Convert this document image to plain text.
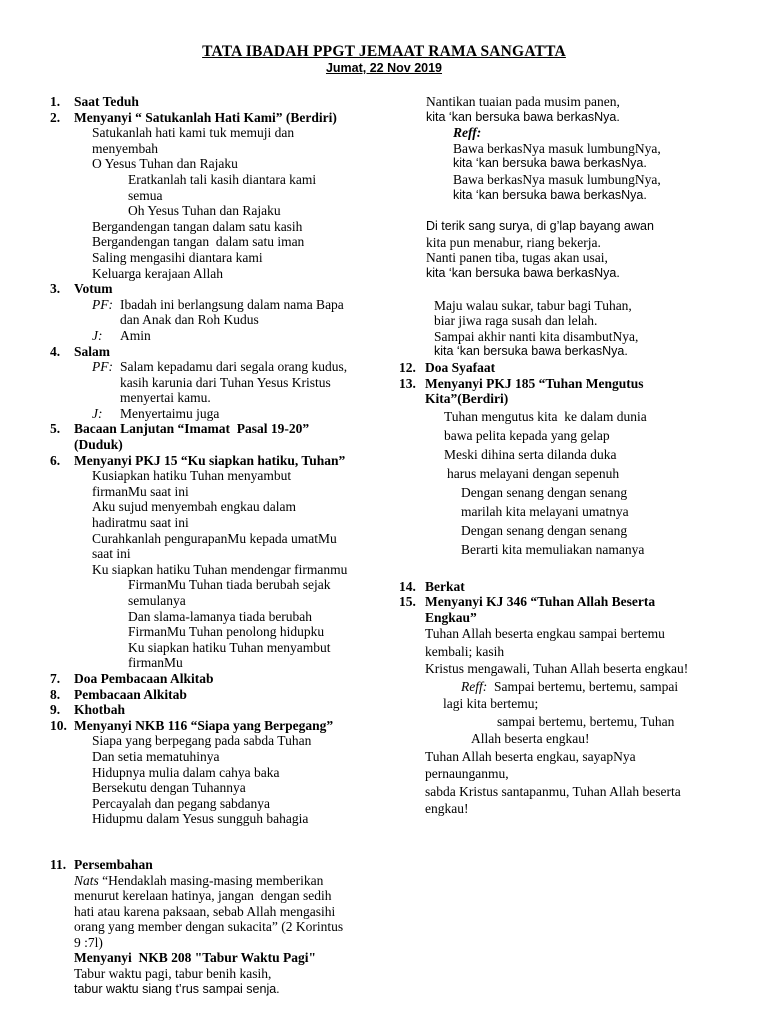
TATA IBADAH PPGT JEMAAT RAMA SANGATTA
Jumat, 22 Nov 2019
1. Saat Teduh
2. Menyanyi “ Satukanlah Hati Kami” (Berdiri)
Satukanlah hati kami tuk memuji dan
menyembah
O Yesus Tuhan dan Rajaku
Eratkanlah tali kasih diantara kami
semua
Oh Yesus Tuhan dan Rajaku
Bergandengan tangan dalam satu kasih
Bergandengan tangan  dalam satu iman
Saling mengasihi diantara kami
Keluarga kerajaan Allah
3. Votum
PF: Ibadah ini berlangsung dalam nama Bapa
dan Anak dan Roh Kudus
J: Amin
4. Salam
PF: Salam kepadamu dari segala orang kudus,
kasih karunia dari Tuhan Yesus Kristus
menyertai kamu.
J: Menyertaimu juga
5. Bacaan Lanjutan “Imamat  Pasal 19-20”
(Duduk)
6. Menyanyi PKJ 15 “Ku siapkan hatiku, Tuhan”
Kusiapkan hatiku Tuhan menyambut
firmanMu saat ini
Aku sujud menyembah engkau dalam
hadiratmu saat ini
Curahkanlah pengurapanMu kepada umatMu
saat ini
Ku siapkan hatiku Tuhan mendengar firmanmu
FirmanMu Tuhan tiada berubah sejak
semulanya
Dan slama-lamanya tiada berubah
FirmanMu Tuhan penolong hidupku
Ku siapkan hatiku Tuhan menyambut
firmanMu
7. Doa Pembacaan Alkitab
8. Pembacaan Alkitab
9. Khotbah
10. Menyanyi NKB 116 “Siapa yang Berpegang”
Siapa yang berpegang pada sabda Tuhan
Dan setia mematuhinya
Hidupnya mulia dalam cahya baka
Bersekutu dengan Tuhannya
Percayalah dan pegang sabdanya
Hidupmu dalam Yesus sungguh bahagia
11. Persembahan
Nats “Hendaklah masing-masing memberikan
menurut kerelaan hatinya, jangan  dengan sedih
hati atau karena paksaan, sebab Allah mengasihi
orang yang member dengan sukacita” (2 Korintus
9 :7l)
Menyanyi  NKB 208 "Tabur Waktu Pagi"
Tabur waktu pagi, tabur benih kasih,
tabur waktu siang t’rus sampai senja.
Nantikan tuaian pada musim panen,
kita ‘kan bersuka bawa berkasNya.
Reff:
Bawa berkasNya masuk lumbungNya,
kita ‘kan bersuka bawa berkasNya.
Bawa berkasNya masuk lumbungNya,
kita ‘kan bersuka bawa berkasNya.
Di terik sang surya, di g’lap bayang awan
kita pun menabur, riang bekerja.
Nanti panen tiba, tugas akan usai,
kita ‘kan bersuka bawa berkasNya.
Maju walau sukar, tabur bagi Tuhan,
biar jiwa raga susah dan lelah.
Sampai akhir nanti kita disambutNya,
kita ‘kan bersuka bawa berkasNya.
12. Doa Syafaat
13. Menyanyi PKJ 185 “Tuhan Mengutus
Kita”(Berdiri)
Tuhan mengutus kita  ke dalam dunia
bawa pelita kepada yang gelap
Meski dihina serta dilanda duka
harus melayani dengan sepenuh
Dengan senang dengan senang
marilah kita melayani umatnya
Dengan senang dengan senang
Berarti kita memuliakan namanya
14. Berkat
15. Menyanyi KJ 346 “Tuhan Allah Beserta
Engkau”
Tuhan Allah beserta engkau sampai bertemu
kembali; kasih
Kristus mengawali, Tuhan Allah beserta engkau!
Reff: Sampai bertemu, bertemu, sampai
lagi kita bertemu;
sampai bertemu, bertemu, Tuhan
Allah beserta engkau!
Tuhan Allah beserta engkau, sayapNya
pernaunganmu,
sabda Kristus santapanmu, Tuhan Allah beserta
engkau!
